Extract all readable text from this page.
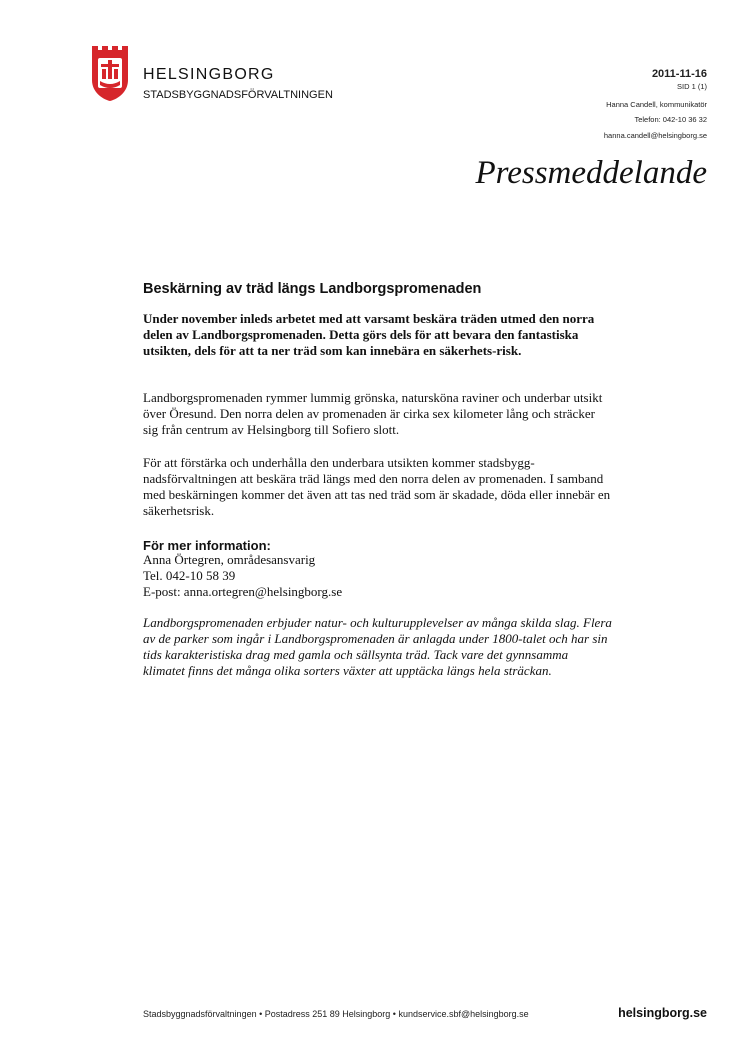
HELSINGBORG
STADSBYGGNADSFÖRVALTNINGEN
2011-11-16
SID 1 (1)
Hanna Candell, kommunikatör
Telefon: 042-10 36 32
hanna.candell@helsingborg.se
Pressmeddelande
Beskärning av träd längs Landborgspromenaden
Under november inleds arbetet med att varsamt beskära träden utmed den norra delen av Landborgspromenaden. Detta görs dels för att bevara den fantastiska utsikten, dels för att ta ner träd som kan innebära en säkerhets-risk.
Landborgspromenaden rymmer lummig grönska, natursköna raviner och underbar utsikt över Öresund. Den norra delen av promenaden är cirka sex kilometer lång och sträcker sig från centrum av Helsingborg till Sofiero slott.
För att förstärka och underhålla den underbara utsikten kommer stadsbygg-nadsförvaltningen att beskära träd längs med den norra delen av promenaden. I samband med beskärningen kommer det även att tas ned träd som är skadade, döda eller innebär en säkerhetsrisk.
För mer information:
Anna Örtegren, områdesansvarig
Tel. 042-10 58 39
E-post: anna.ortegren@helsingborg.se
Landborgspromenaden erbjuder natur- och kulturupplevelser av många skilda slag. Flera av de parker som ingår i Landborgspromenaden är anlagda under 1800-talet och har sin tids karakteristiska drag med gamla och sällsynta träd. Tack vare det gynnsamma klimatet finns det många olika sorters växter att upptäcka längs hela sträckan.
Stadsbyggnadsförvaltningen • Postadress 251 89 Helsingborg • kundservice.sbf@helsingborg.se	helsingborg.se
